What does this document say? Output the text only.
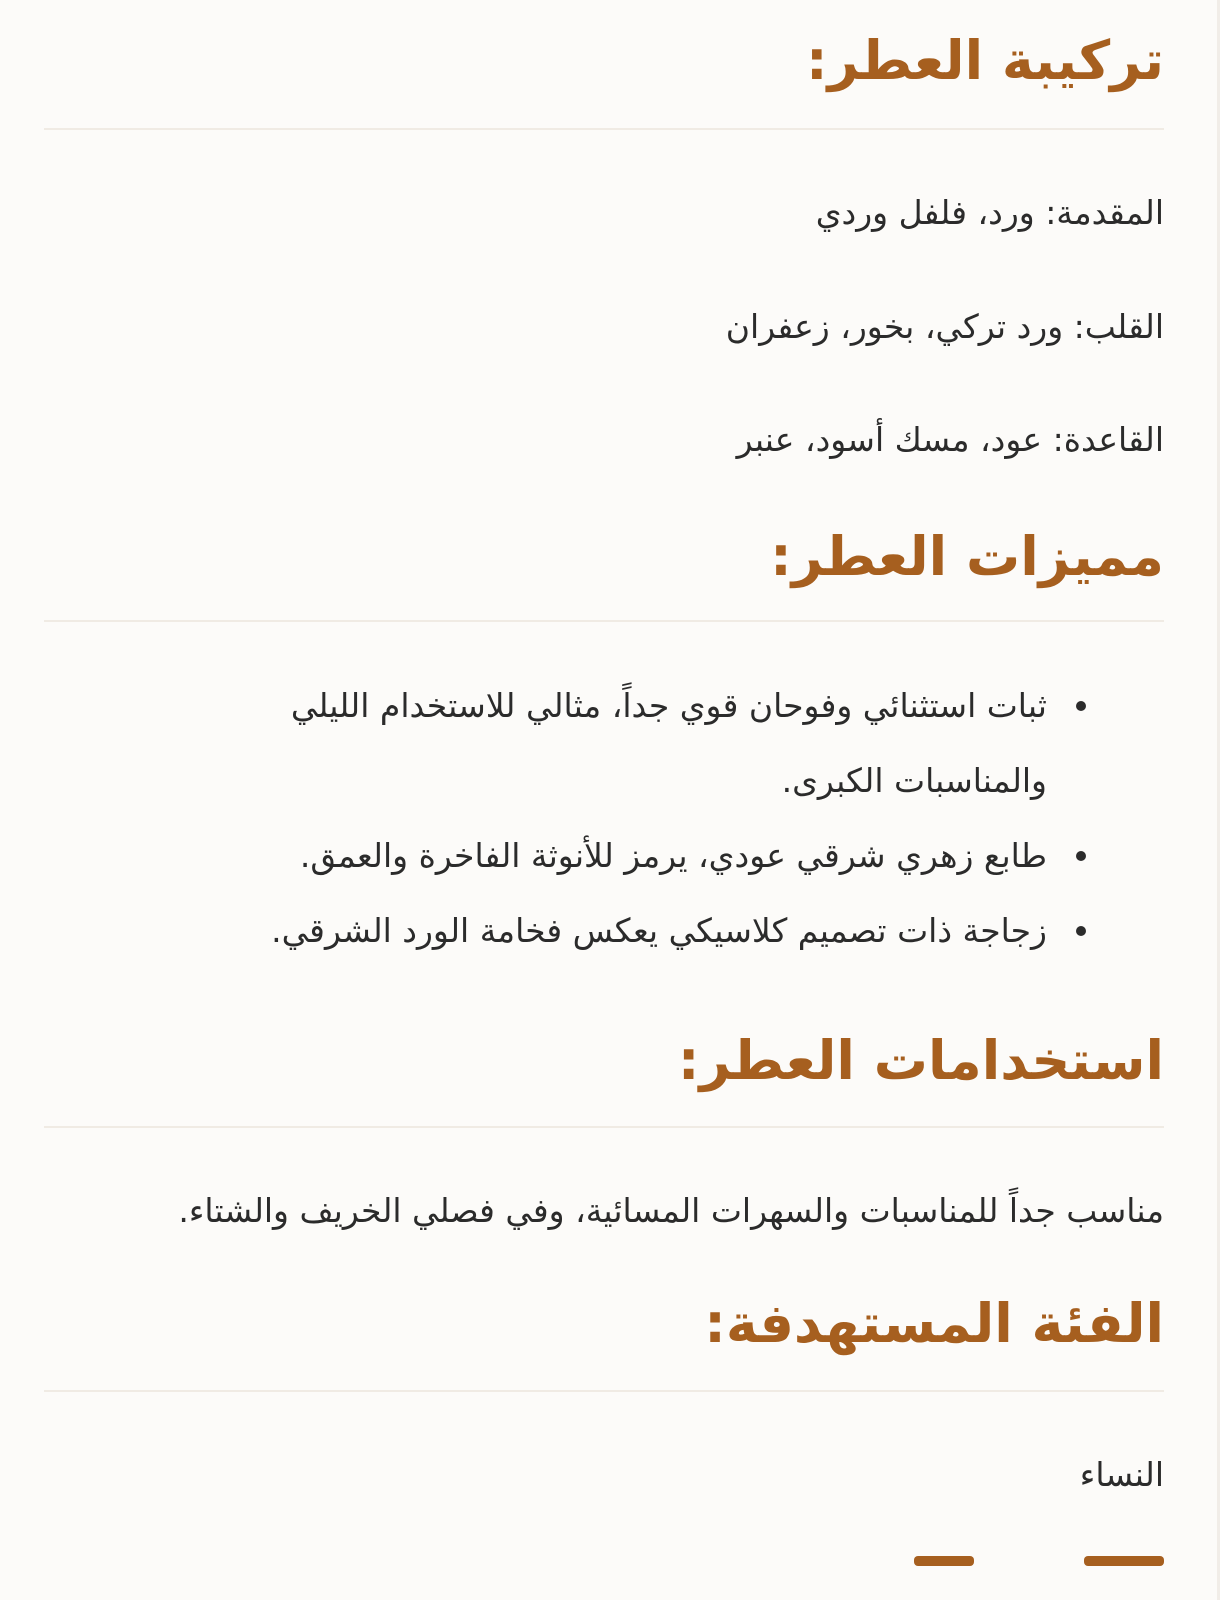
تركيبة العطر:

المقدمة: ورد، فلفل وردي

القلب: ورد تركي، بخور، زعفران

القاعدة: عود، مسك أسود، عنبر

مميزات العطر:
ثبات استثنائي وفوحان قوي جداً، مثالي للاستخدام الليلي والمناسبات الكبرى.
طابع زهري شرقي عودي، يرمز للأنوثة الفاخرة والعمق.
زجاجة ذات تصميم كلاسيكي يعكس فخامة الورد الشرقي.
استخدامات العطر:

مناسب جداً للمناسبات والسهرات المسائية، وفي فصلي الخريف والشتاء.

الفئة المستهدفة:

النساء
